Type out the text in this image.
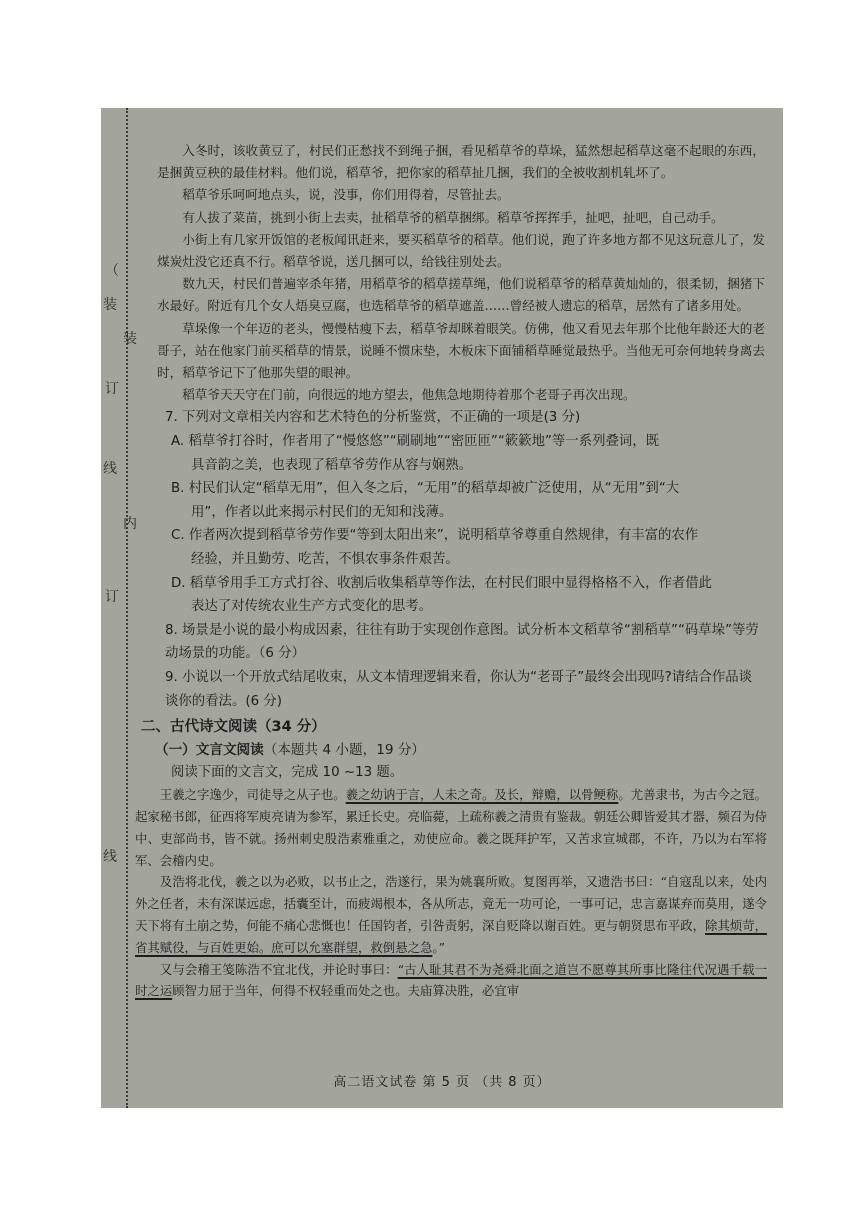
（
装
装
订
线
内
订
线

入冬时，该收黄豆了，村民们正愁找不到绳子捆，看见稻草爷的草垛，猛然想起稻草这毫不起眼的东西，是捆黄豆秧的最佳材料。他们说，稻草爷，把你家的稻草扯几捆，我们的全被收割机轧坏了。

稻草爷乐呵呵地点头，说，没事，你们用得着，尽管扯去。

有人拔了菜苗，挑到小街上去卖，扯稻草爷的稻草捆绑。稻草爷挥挥手，扯吧，扯吧，自己动手。

小街上有几家开饭馆的老板闻讯赶来，要买稻草爷的稻草。他们说，跑了许多地方都不见这玩意儿了，发煤炭灶没它还真不行。稻草爷说，送几捆可以，给钱往别处去。

数九天，村民们普遍宰杀年猪，用稻草爷的稻草搓草绳，他们说稻草爷的稻草黄灿灿的，很柔韧，捆猪下水最好。附近有几个女人焐臭豆腐，也选稻草爷的稻草遮盖……曾经被人遗忘的稻草，居然有了诸多用处。

草垛像一个年迈的老头，慢慢枯瘦下去，稻草爷却眯着眼笑。仿佛，他又看见去年那个比他年龄还大的老哥子，站在他家门前买稻草的情景，说睡不惯床垫，木板床下面铺稻草睡觉最热乎。当他无可奈何地转身离去时，稻草爷记下了他那失望的眼神。

稻草爷天天守在门前，向很远的地方望去，他焦急地期待着那个老哥子再次出现。

7. 下列对文章相关内容和艺术特色的分析鉴赏，不正确的一项是(3 分)

A. 稻草爷打谷时，作者用了“慢悠悠”“刷刷地”“密匝匝”“簌簌地”等一系列叠词，既
具音韵之美，也表现了稻草爷劳作从容与娴熟。

B. 村民们认定“稻草无用”，但入冬之后，“无用”的稻草却被广泛使用，从“无用”到“大
用”，作者以此来揭示村民们的无知和浅薄。

C. 作者两次提到稻草爷劳作要“等到太阳出来”，说明稻草爷尊重自然规律，有丰富的农作
经验，并且勤劳、吃苦，不惧农事条件艰苦。

D. 稻草爷用手工方式打谷、收割后收集稻草等作法，在村民们眼中显得格格不入，作者借此
表达了对传统农业生产方式变化的思考。

8. 场景是小说的最小构成因素，往往有助于实现创作意图。试分析本文稻草爷“割稻草”“码草垛”等劳动场景的功能。（6 分）

9. 小说以一个开放式结尾收束，从文本情理逻辑来看，你认为“老哥子”最终会出现吗?请结合作品谈谈你的看法。(6 分)

二、古代诗文阅读（34 分）
（一）文言文阅读（本题共 4 小题，19 分）

阅读下面的文言文，完成 10 ~13 题。

王羲之字逸少，司徒导之从子也。羲之幼讷于言，人未之奇。及长，辩赡，以骨鲠称。尤善隶书，为古今之冠。起家秘书郎，征西将军庾亮请为参军，累迁长史。亮临薨，上疏称羲之清贵有鉴裁。朝廷公卿皆爱其才器，频召为侍中、吏部尚书，皆不就。扬州刺史殷浩素雅重之，劝使应命。羲之既拜护军，又苦求宣城郡，不许，乃以为右军将军、会稽内史。

及浩将北伐，羲之以为必败，以书止之，浩遂行，果为姚襄所败。复图再举，又遗浩书曰：“自寇乱以来，处内外之任者，未有深谋远虑，括囊至计，而疲竭根本，各从所志，竟无一功可论，一事可记，忠言嘉谋弃而莫用，遂令天下将有土崩之势，何能不痛心悲慨也！任国钧者，引咎责躬，深自贬降以谢百姓。更与朝贤思布平政，除其烦苛，省其赋役，与百姓更始。庶可以允塞群望，救倒悬之急。”

又与会稽王笺陈浩不宜北伐，并论时事曰：“古人耻其君不为尧舜北面之道岂不愿尊其所事比隆往代况遇千载一时之运顾智力屈于当年，何得不权轻重而处之也。夫庙算决胜，必宜审

高二语文试卷 第 5 页 （共 8 页）
